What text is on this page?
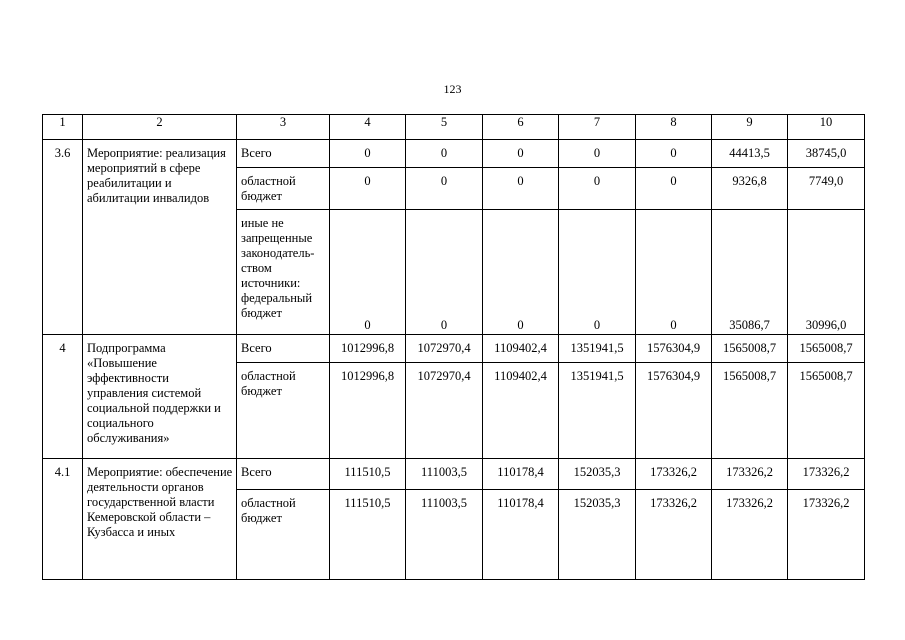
123
1	2	3	4	5	6	7	8	9	10
3.6	Мероприятие: реализация мероприятий в сфере реабилитации и абилитации инвалидов	Всего	0	0	0	0	0	44413,5	38745,0
		областной бюджет	0	0	0	0	0	9326,8	7749,0
		иные не запрещенные законодатель-ством источники: федеральный бюджет	0	0	0	0	0	35086,7	30996,0
4	Подпрограмма «Повышение эффективности управления системой социальной поддержки и социального обслуживания»	Всего	1012996,8	1072970,4	1109402,4	1351941,5	1576304,9	1565008,7	1565008,7
		областной бюджет	1012996,8	1072970,4	1109402,4	1351941,5	1576304,9	1565008,7	1565008,7
4.1	Мероприятие: обеспечение деятельности органов государственной власти Кемеровской области – Кузбасса и иных	Всего	111510,5	111003,5	110178,4	152035,3	173326,2	173326,2	173326,2
		областной бюджет	111510,5	111003,5	110178,4	152035,3	173326,2	173326,2	173326,2
